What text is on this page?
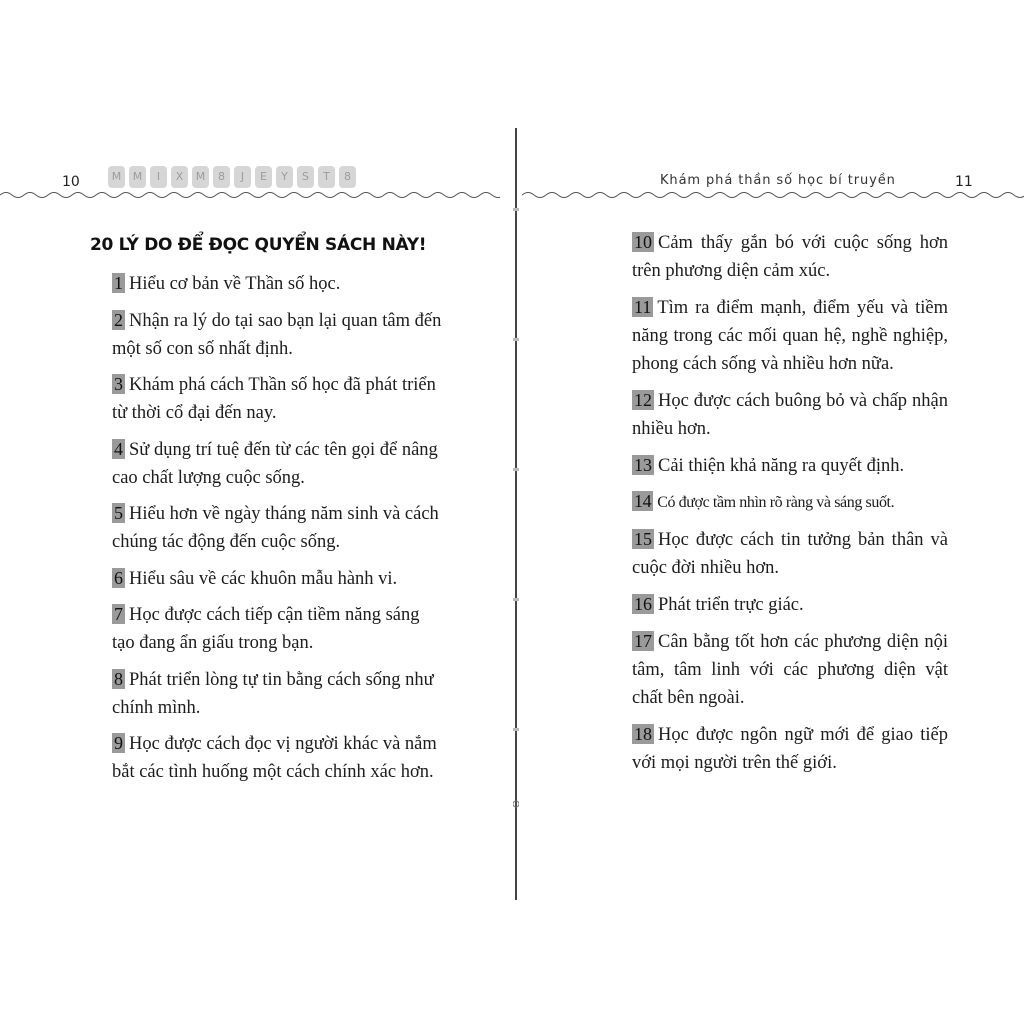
10	M	M	I	X	M	8	J	E	Y	S	T	8	Khám phá thần số học bí truyền	11
20 LÝ DO ĐỂ ĐỌC QUYỂN SÁCH NÀY!
1 Hiểu cơ bản về Thần số học.
2 Nhận ra lý do tại sao bạn lại quan tâm đến một số con số nhất định.
3 Khám phá cách Thần số học đã phát triển từ thời cổ đại đến nay.
4 Sử dụng trí tuệ đến từ các tên gọi để nâng cao chất lượng cuộc sống.
5 Hiểu hơn về ngày tháng năm sinh và cách chúng tác động đến cuộc sống.
6 Hiểu sâu về các khuôn mẫu hành vi.
7 Học được cách tiếp cận tiềm năng sáng tạo đang ẩn giấu trong bạn.
8 Phát triển lòng tự tin bằng cách sống như chính mình.
9 Học được cách đọc vị người khác và nắm bắt các tình huống một cách chính xác hơn.
10 Cảm thấy gắn bó với cuộc sống hơn trên phương diện cảm xúc.
11 Tìm ra điểm mạnh, điểm yếu và tiềm năng trong các mối quan hệ, nghề nghiệp, phong cách sống và nhiều hơn nữa.
12 Học được cách buông bỏ và chấp nhận nhiều hơn.
13 Cải thiện khả năng ra quyết định.
14 Có được tầm nhìn rõ ràng và sáng suốt.
15 Học được cách tin tưởng bản thân và cuộc đời nhiều hơn.
16 Phát triển trực giác.
17 Cân bằng tốt hơn các phương diện nội tâm, tâm linh với các phương diện vật chất bên ngoài.
18 Học được ngôn ngữ mới để giao tiếp với mọi người trên thế giới.
